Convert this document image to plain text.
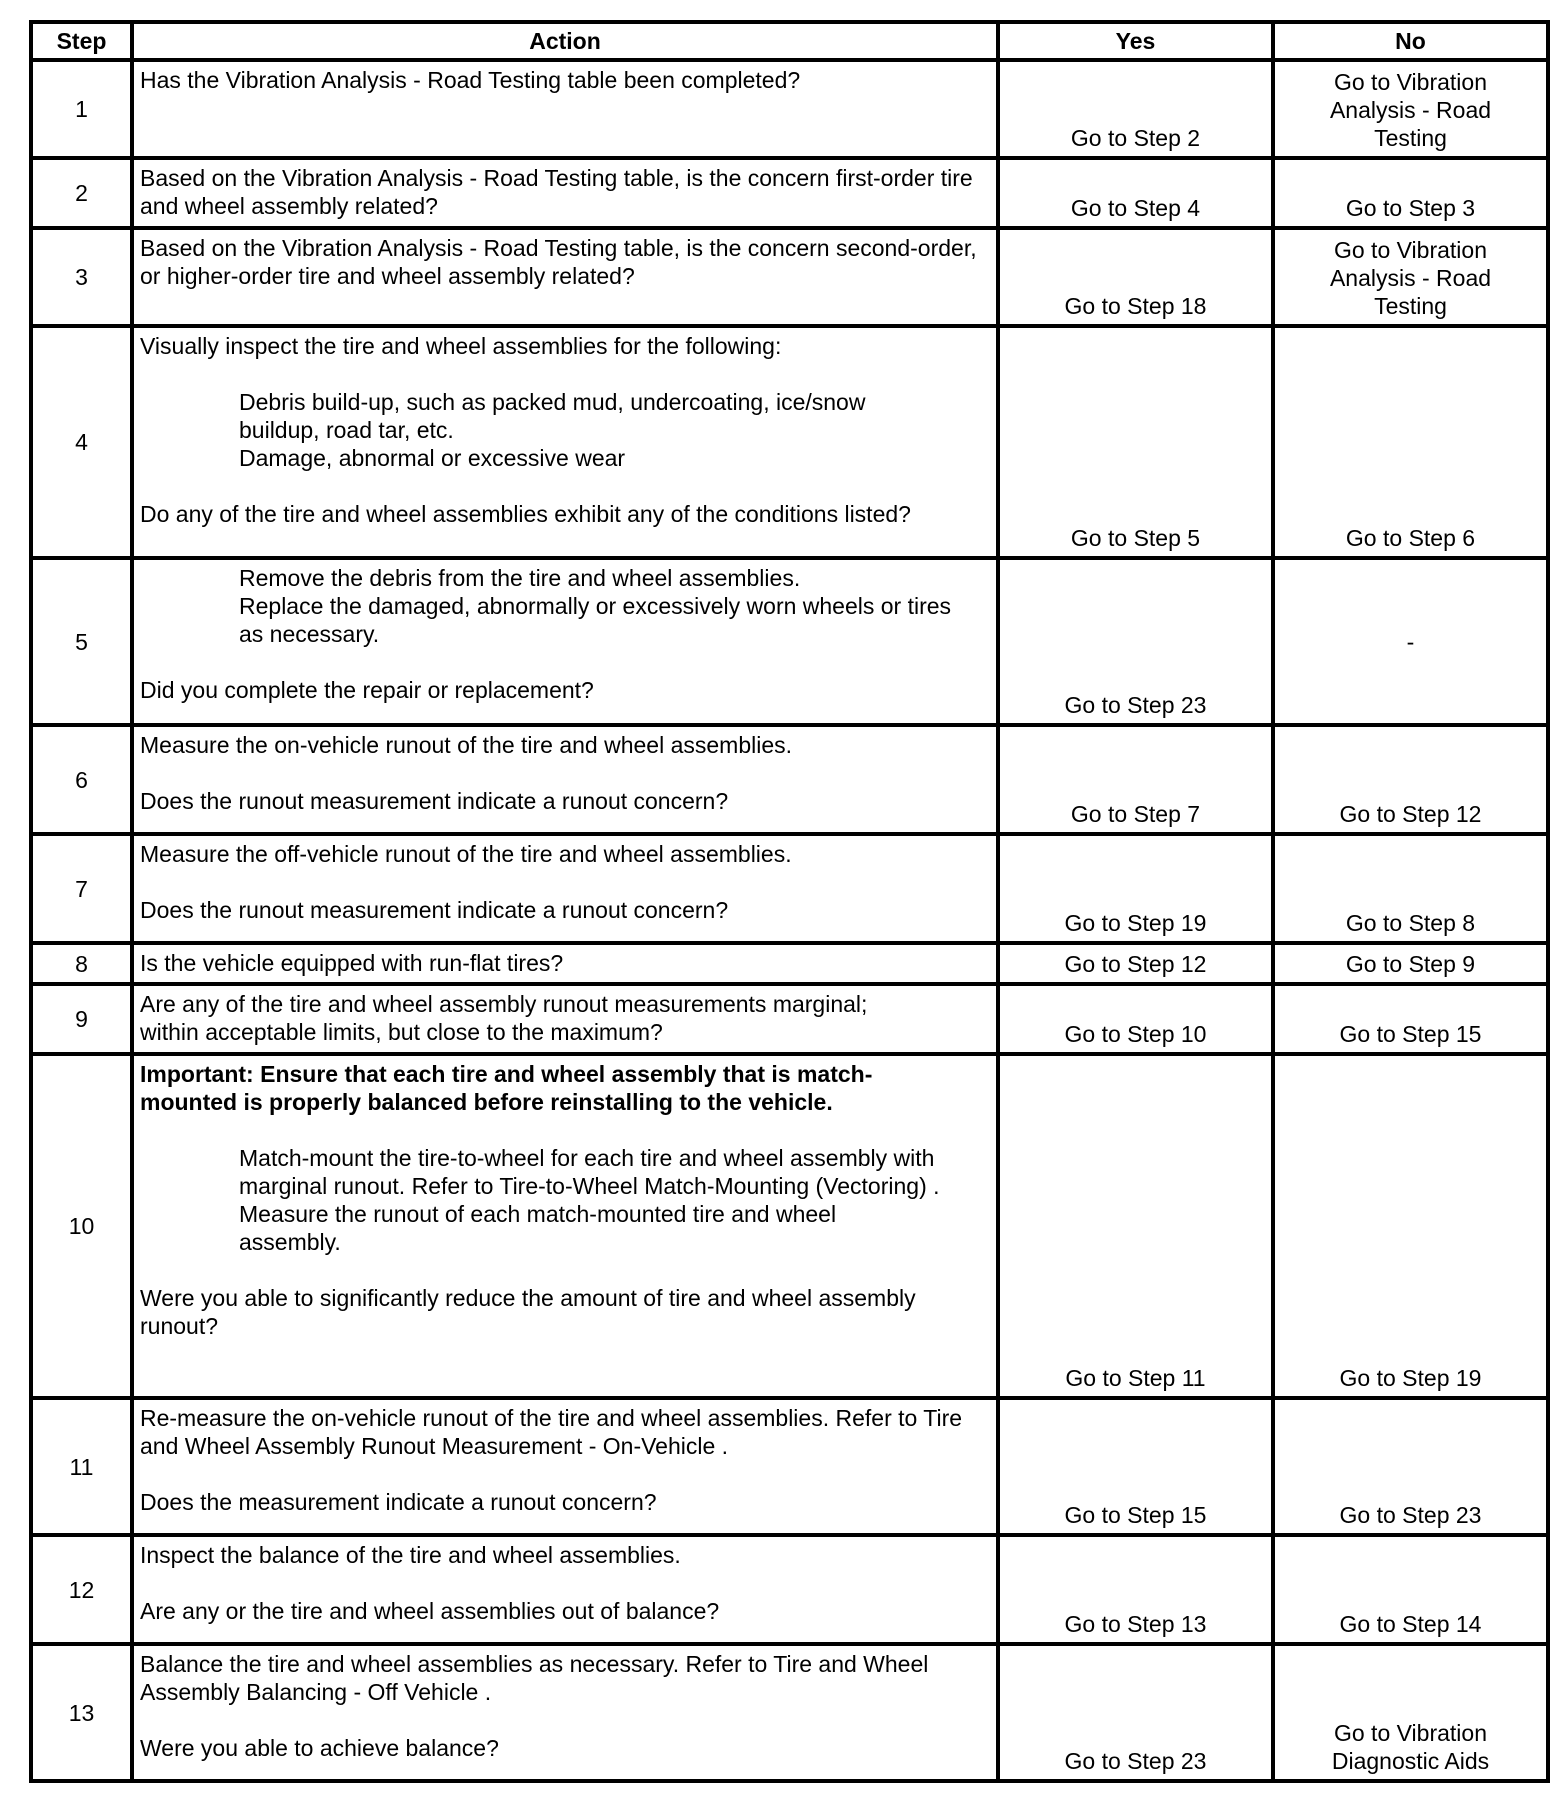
Step	Action	Yes	No
1	Has the Vibration Analysis - Road Testing table been completed?	Go to Step 2	Go to Vibration Analysis - Road Testing
2	Based on the Vibration Analysis - Road Testing table, is the concern first-order tire and wheel assembly related?	Go to Step 4	Go to Step 3
3	Based on the Vibration Analysis - Road Testing table, is the concern second-order, or higher-order tire and wheel assembly related?	Go to Step 18	Go to Vibration Analysis - Road Testing
4	Visually inspect the tire and wheel assemblies for the following:
Debris build-up, such as packed mud, undercoating, ice/snow buildup, road tar, etc.
Damage, abnormal or excessive wear
Do any of the tire and wheel assemblies exhibit any of the conditions listed?	Go to Step 5	Go to Step 6
5	Remove the debris from the tire and wheel assemblies.
Replace the damaged, abnormally or excessively worn wheels or tires as necessary.
Did you complete the repair or replacement?	Go to Step 23	-
6	Measure the on-vehicle runout of the tire and wheel assemblies.
Does the runout measurement indicate a runout concern?	Go to Step 7	Go to Step 12
7	Measure the off-vehicle runout of the tire and wheel assemblies.
Does the runout measurement indicate a runout concern?	Go to Step 19	Go to Step 8
8	Is the vehicle equipped with run-flat tires?	Go to Step 12	Go to Step 9
9	Are any of the tire and wheel assembly runout measurements marginal; within acceptable limits, but close to the maximum?	Go to Step 10	Go to Step 15
10	Important: Ensure that each tire and wheel assembly that is match-mounted is properly balanced before reinstalling to the vehicle.
Match-mount the tire-to-wheel for each tire and wheel assembly with marginal runout. Refer to Tire-to-Wheel Match-Mounting (Vectoring) .
Measure the runout of each match-mounted tire and wheel assembly.
Were you able to significantly reduce the amount of tire and wheel assembly runout?	Go to Step 11	Go to Step 19
11	Re-measure the on-vehicle runout of the tire and wheel assemblies. Refer to Tire and Wheel Assembly Runout Measurement - On-Vehicle .
Does the measurement indicate a runout concern?	Go to Step 15	Go to Step 23
12	Inspect the balance of the tire and wheel assemblies.
Are any or the tire and wheel assemblies out of balance?	Go to Step 13	Go to Step 14
13	Balance the tire and wheel assemblies as necessary. Refer to Tire and Wheel Assembly Balancing - Off Vehicle .
Were you able to achieve balance?	Go to Step 23	Go to Vibration Diagnostic Aids
